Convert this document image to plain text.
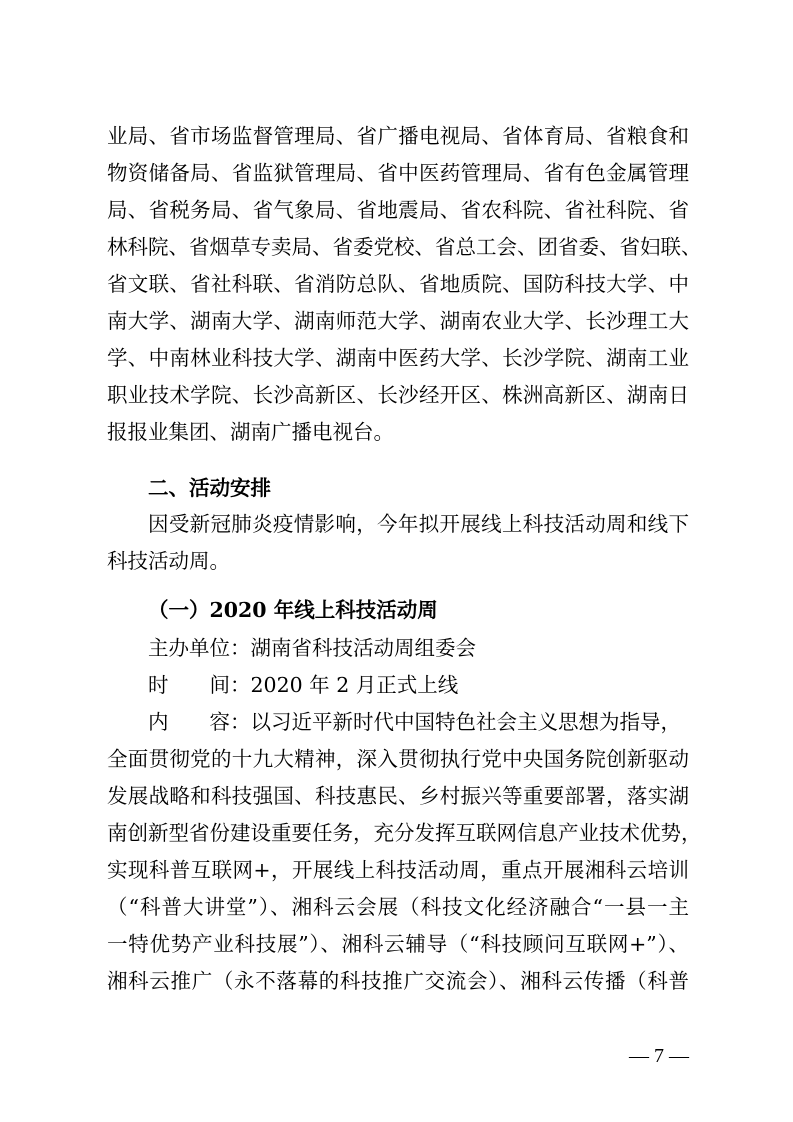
业局、省市场监督管理局、省广播电视局、省体育局、省粮食和
物资储备局、省监狱管理局、省中医药管理局、省有色金属管理
局、省税务局、省气象局、省地震局、省农科院、省社科院、省
林科院、省烟草专卖局、省委党校、省总工会、团省委、省妇联、
省文联、省社科联、省消防总队、省地质院、国防科技大学、中
南大学、湖南大学、湖南师范大学、湖南农业大学、长沙理工大
学、中南林业科技大学、湖南中医药大学、长沙学院、湖南工业
职业技术学院、长沙高新区、长沙经开区、株洲高新区、湖南日
报报业集团、湖南广播电视台。
二、活动安排
因受新冠肺炎疫情影响，今年拟开展线上科技活动周和线下
科技活动周。
（一）2020 年线上科技活动周
主办单位：湖南省科技活动周组委会
时　　间：2020 年 2 月正式上线
内　　容：以习近平新时代中国特色社会主义思想为指导，
全面贯彻党的十九大精神，深入贯彻执行党中央国务院创新驱动
发展战略和科技强国、科技惠民、乡村振兴等重要部署，落实湖
南创新型省份建设重要任务，充分发挥互联网信息产业技术优势，
实现科普互联网+，开展线上科技活动周，重点开展湘科云培训
（“科普大讲堂”）、湘科云会展（科技文化经济融合“一县一主
一特优势产业科技展”）、湘科云辅导（“科技顾问互联网+”）、
湘科云推广（永不落幕的科技推广交流会）、湘科云传播（科普
— 7 —
